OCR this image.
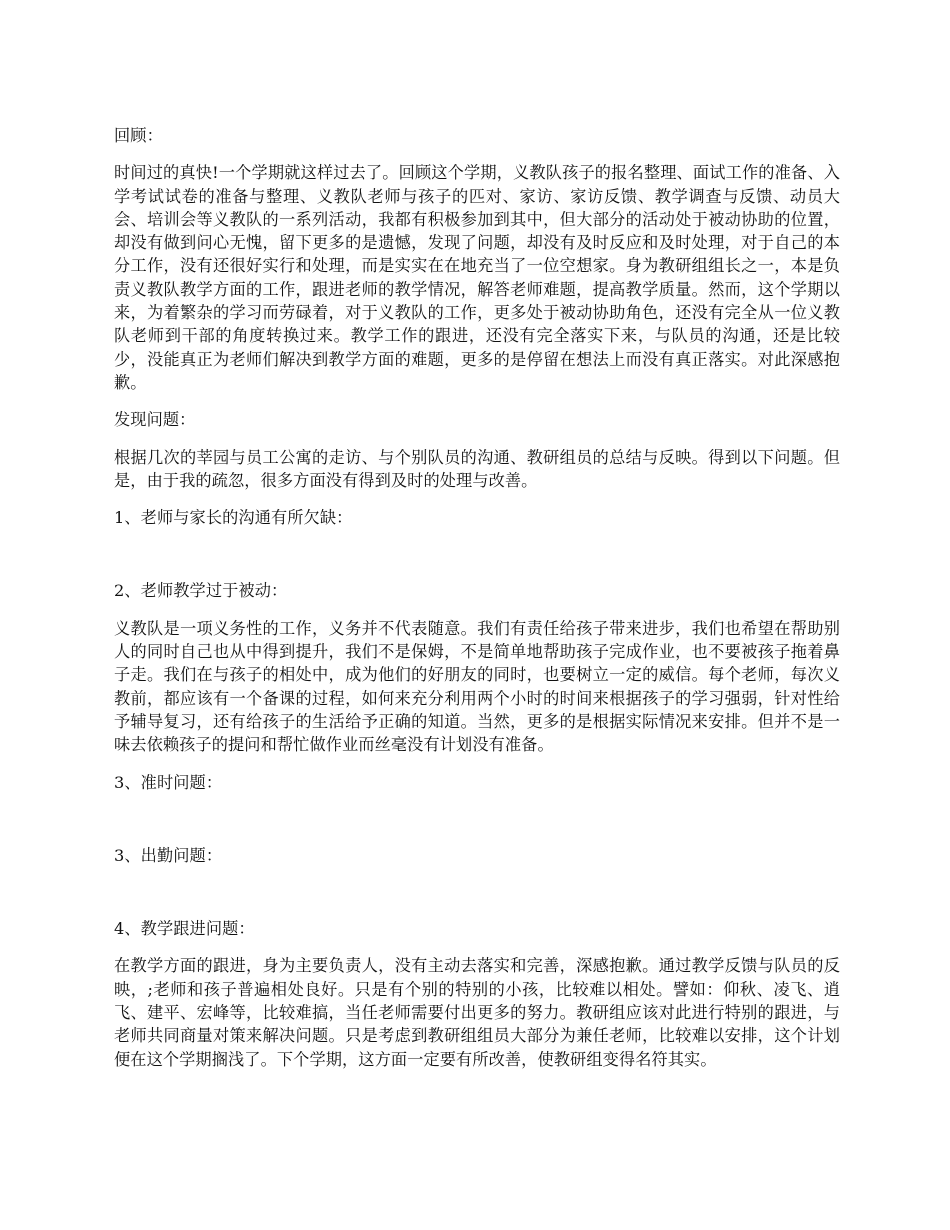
回顾：

时间过的真快!一个学期就这样过去了。回顾这个学期，义教队孩子的报名整理、面试工作的准备、入学考试试卷的准备与整理、义教队老师与孩子的匹对、家访、家访反馈、教学调查与反馈、动员大会、培训会等义教队的一系列活动，我都有积极参加到其中，但大部分的活动处于被动协助的位置，却没有做到问心无愧，留下更多的是遗憾，发现了问题，却没有及时反应和及时处理，对于自己的本分工作，没有还很好实行和处理，而是实实在在地充当了一位空想家。身为教研组组长之一，本是负责义教队教学方面的工作，跟进老师的教学情况，解答老师难题，提高教学质量。然而，这个学期以来，为着繁杂的学习而劳碌着，对于义教队的工作，更多处于被动协助角色，还没有完全从一位义教队老师到干部的角度转换过来。教学工作的跟进，还没有完全落实下来，与队员的沟通，还是比较少，没能真正为老师们解决到教学方面的难题，更多的是停留在想法上而没有真正落实。对此深感抱歉。

发现问题：

根据几次的莘园与员工公寓的走访、与个别队员的沟通、教研组员的总结与反映。得到以下问题。但是，由于我的疏忽，很多方面没有得到及时的处理与改善。

1、老师与家长的沟通有所欠缺：

2、老师教学过于被动：

义教队是一项义务性的工作，义务并不代表随意。我们有责任给孩子带来进步，我们也希望在帮助别人的同时自己也从中得到提升，我们不是保姆，不是简单地帮助孩子完成作业，也不要被孩子拖着鼻子走。我们在与孩子的相处中，成为他们的好朋友的同时，也要树立一定的威信。每个老师，每次义教前，都应该有一个备课的过程，如何来充分利用两个小时的时间来根据孩子的学习强弱，针对性给予辅导复习，还有给孩子的生活给予正确的知道。当然，更多的是根据实际情况来安排。但并不是一味去依赖孩子的提问和帮忙做作业而丝毫没有计划没有准备。

3、准时问题：

3、出勤问题：

4、教学跟进问题：

在教学方面的跟进，身为主要负责人，没有主动去落实和完善，深感抱歉。通过教学反馈与队员的反映，;老师和孩子普遍相处良好。只是有个别的特别的小孩，比较难以相处。譬如：仰秋、凌飞、逍飞、建平、宏峰等，比较难搞，当任老师需要付出更多的努力。教研组应该对此进行特别的跟进，与老师共同商量对策来解决问题。只是考虑到教研组组员大部分为兼任老师，比较难以安排，这个计划便在这个学期搁浅了。下个学期，这方面一定要有所改善，使教研组变得名符其实。
